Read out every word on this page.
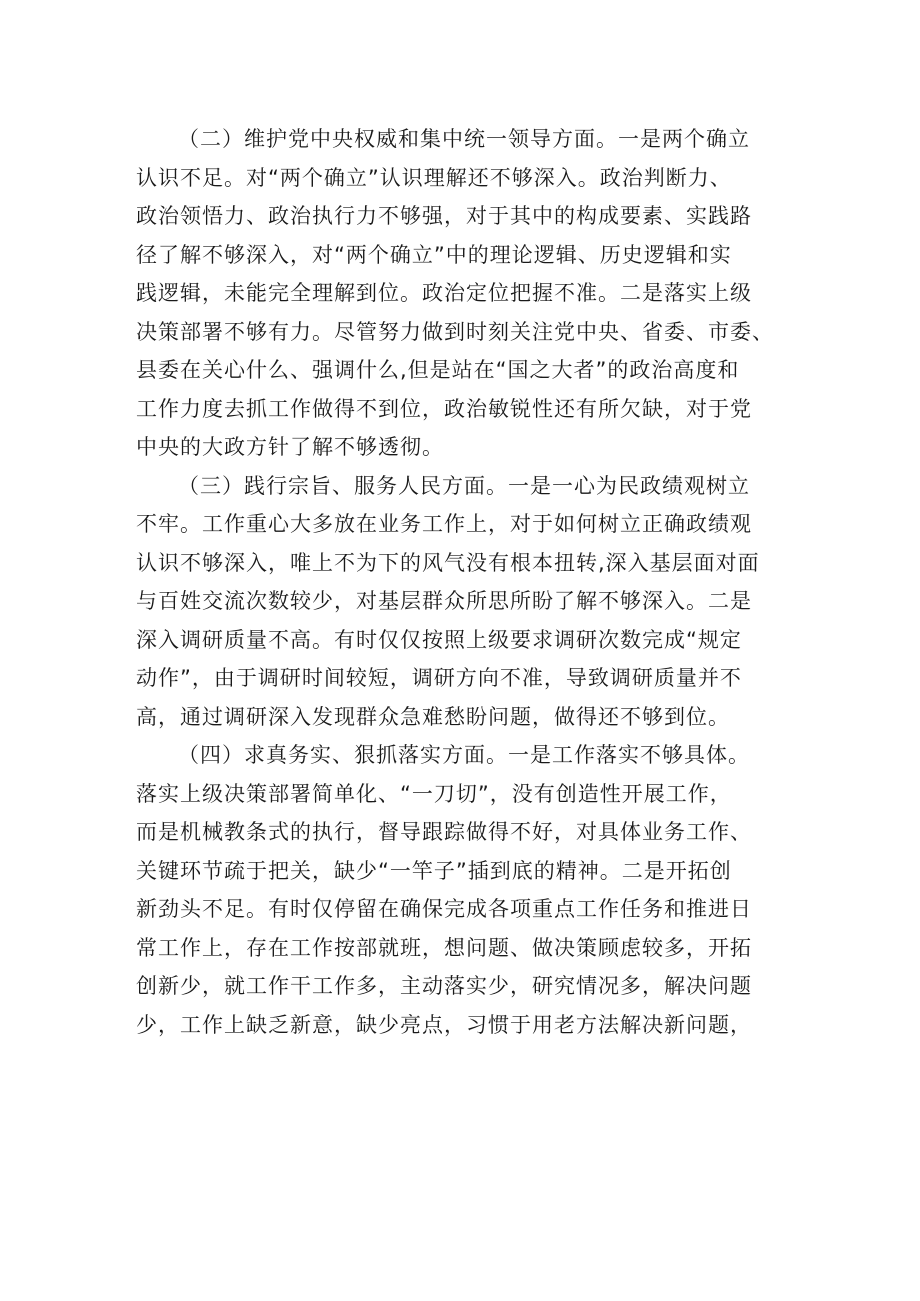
（二）维护党中央权威和集中统一领导方面。一是两个确立
认识不足。对“两个确立”认识理解还不够深入。政治判断力、
政治领悟力、政治执行力不够强，对于其中的构成要素、实践路
径了解不够深入，对“两个确立”中的理论逻辑、历史逻辑和实
践逻辑，未能完全理解到位。政治定位把握不准。二是落实上级
决策部署不够有力。尽管努力做到时刻关注党中央、省委、市委、
县委在关心什么、强调什么,但是站在“国之大者”的政治高度和
工作力度去抓工作做得不到位，政治敏锐性还有所欠缺，对于党
中央的大政方针了解不够透彻。

（三）践行宗旨、服务人民方面。一是一心为民政绩观树立
不牢。工作重心大多放在业务工作上，对于如何树立正确政绩观
认识不够深入，唯上不为下的风气没有根本扭转,深入基层面对面
与百姓交流次数较少，对基层群众所思所盼了解不够深入。二是
深入调研质量不高。有时仅仅按照上级要求调研次数完成“规定
动作”，由于调研时间较短，调研方向不准，导致调研质量并不
高，通过调研深入发现群众急难愁盼问题，做得还不够到位。

（四）求真务实、狠抓落实方面。一是工作落实不够具体。
落实上级决策部署简单化、“一刀切”，没有创造性开展工作，
而是机械教条式的执行，督导跟踪做得不好，对具体业务工作、
关键环节疏于把关，缺少“一竿子”插到底的精神。二是开拓创
新劲头不足。有时仅停留在确保完成各项重点工作任务和推进日
常工作上，存在工作按部就班，想问题、做决策顾虑较多，开拓
创新少，就工作干工作多，主动落实少，研究情况多，解决问题
少，工作上缺乏新意，缺少亮点，习惯于用老方法解决新问题，
